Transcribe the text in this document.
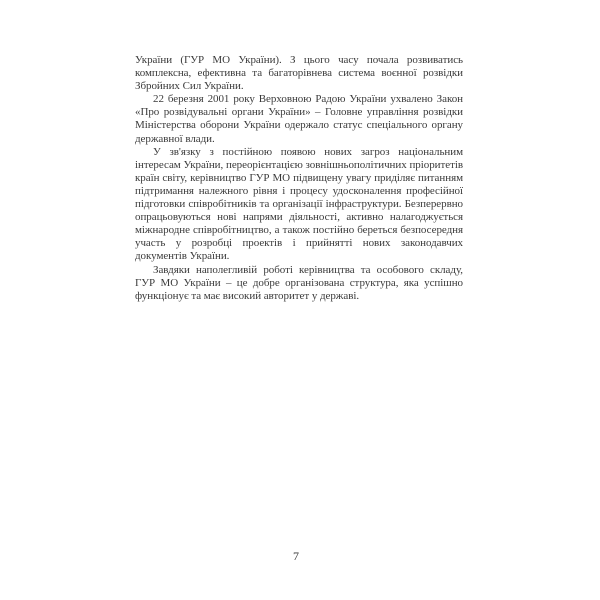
України (ГУР МО України). З цього часу почала розвиватись комплексна, ефективна та багаторівнева система воєнної розвідки Збройних Сил України.

22 березня 2001 року Верховною Радою України ухвалено Закон «Про розвідувальні органи України» – Головне управління розвідки Міністерства оборони України одержало статус спеціального органу державної влади.

У зв'язку з постійною появою нових загроз національним інтересам України, переорієнтацією зовнішньополітичних пріоритетів країн світу, керівництво ГУР МО підвищену увагу приділяє питанням підтримання належного рівня і процесу удосконалення професійної підготовки співробітників та організації інфраструктури. Безперервно опрацьовуються нові напрями діяльності, активно налагоджується міжнародне співробітництво, а також постійно береться безпосередня участь у розробці проектів і прийнятті нових законодавчих документів України.

Завдяки наполегливій роботі керівництва та особового складу, ГУР МО України – це добре організована структура, яка успішно функціонує та має високий авторитет у державі.

7
